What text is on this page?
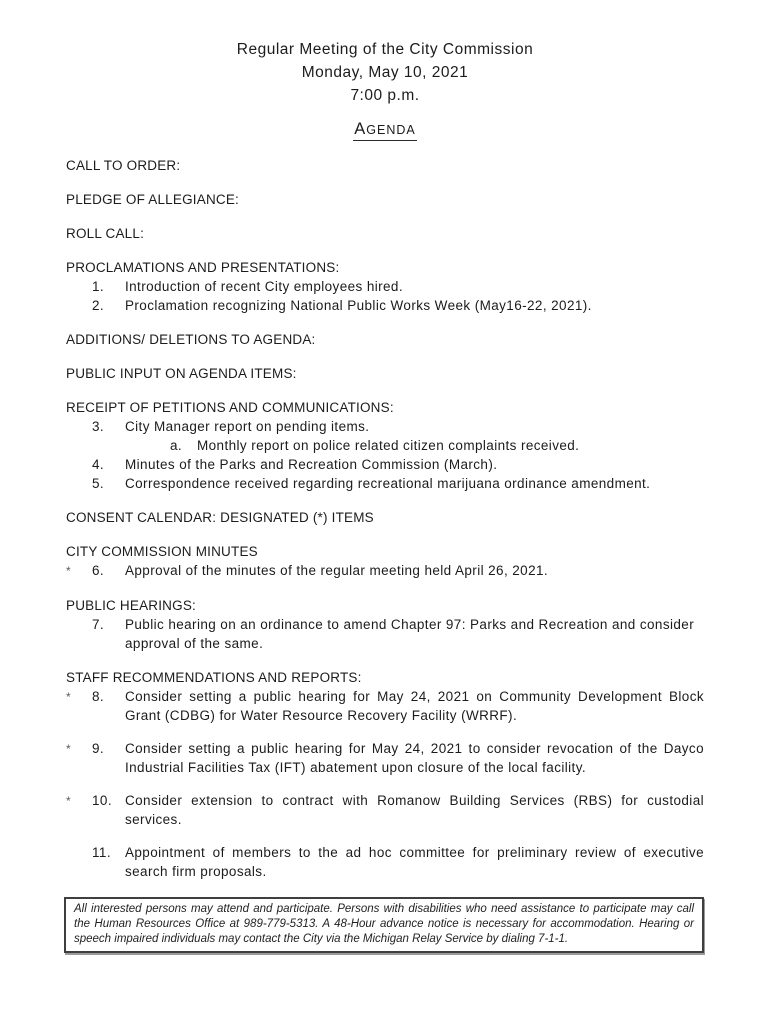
Regular Meeting of the City Commission
Monday, May 10, 2021
7:00 p.m.
AGENDA
CALL TO ORDER:
PLEDGE OF ALLEGIANCE:
ROLL CALL:
PROCLAMATIONS AND PRESENTATIONS:
1.	Introduction of recent City employees hired.
2.	Proclamation recognizing National Public Works Week (May16-22, 2021).
ADDITIONS/ DELETIONS TO AGENDA:
PUBLIC INPUT ON AGENDA ITEMS:
RECEIPT OF PETITIONS AND COMMUNICATIONS:
3.	City Manager report on pending items.
a.	Monthly report on police related citizen complaints received.
4.	Minutes of the Parks and Recreation Commission (March).
5.	Correspondence received regarding recreational marijuana ordinance amendment.
CONSENT CALENDAR: DESIGNATED (*) ITEMS
CITY COMMISSION MINUTES
*	6.	Approval of the minutes of the regular meeting held April 26, 2021.
PUBLIC HEARINGS:
7.	Public hearing on an ordinance to amend Chapter 97: Parks and Recreation and consider approval of the same.
STAFF RECOMMENDATIONS AND REPORTS:
*	8.	Consider setting a public hearing for May 24, 2021 on Community Development Block Grant (CDBG) for Water Resource Recovery Facility (WRRF).
*	9.	Consider setting a public hearing for May 24, 2021 to consider revocation of the Dayco Industrial Facilities Tax (IFT) abatement upon closure of the local facility.
*	10. Consider extension to contract with Romanow Building Services (RBS) for custodial services.
11.	Appointment of members to the ad hoc committee for preliminary review of executive search firm proposals.
All interested persons may attend and participate. Persons with disabilities who need assistance to participate may call the Human Resources Office at 989-779-5313. A 48-Hour advance notice is necessary for accommodation. Hearing or speech impaired individuals may contact the City via the Michigan Relay Service by dialing 7-1-1.
